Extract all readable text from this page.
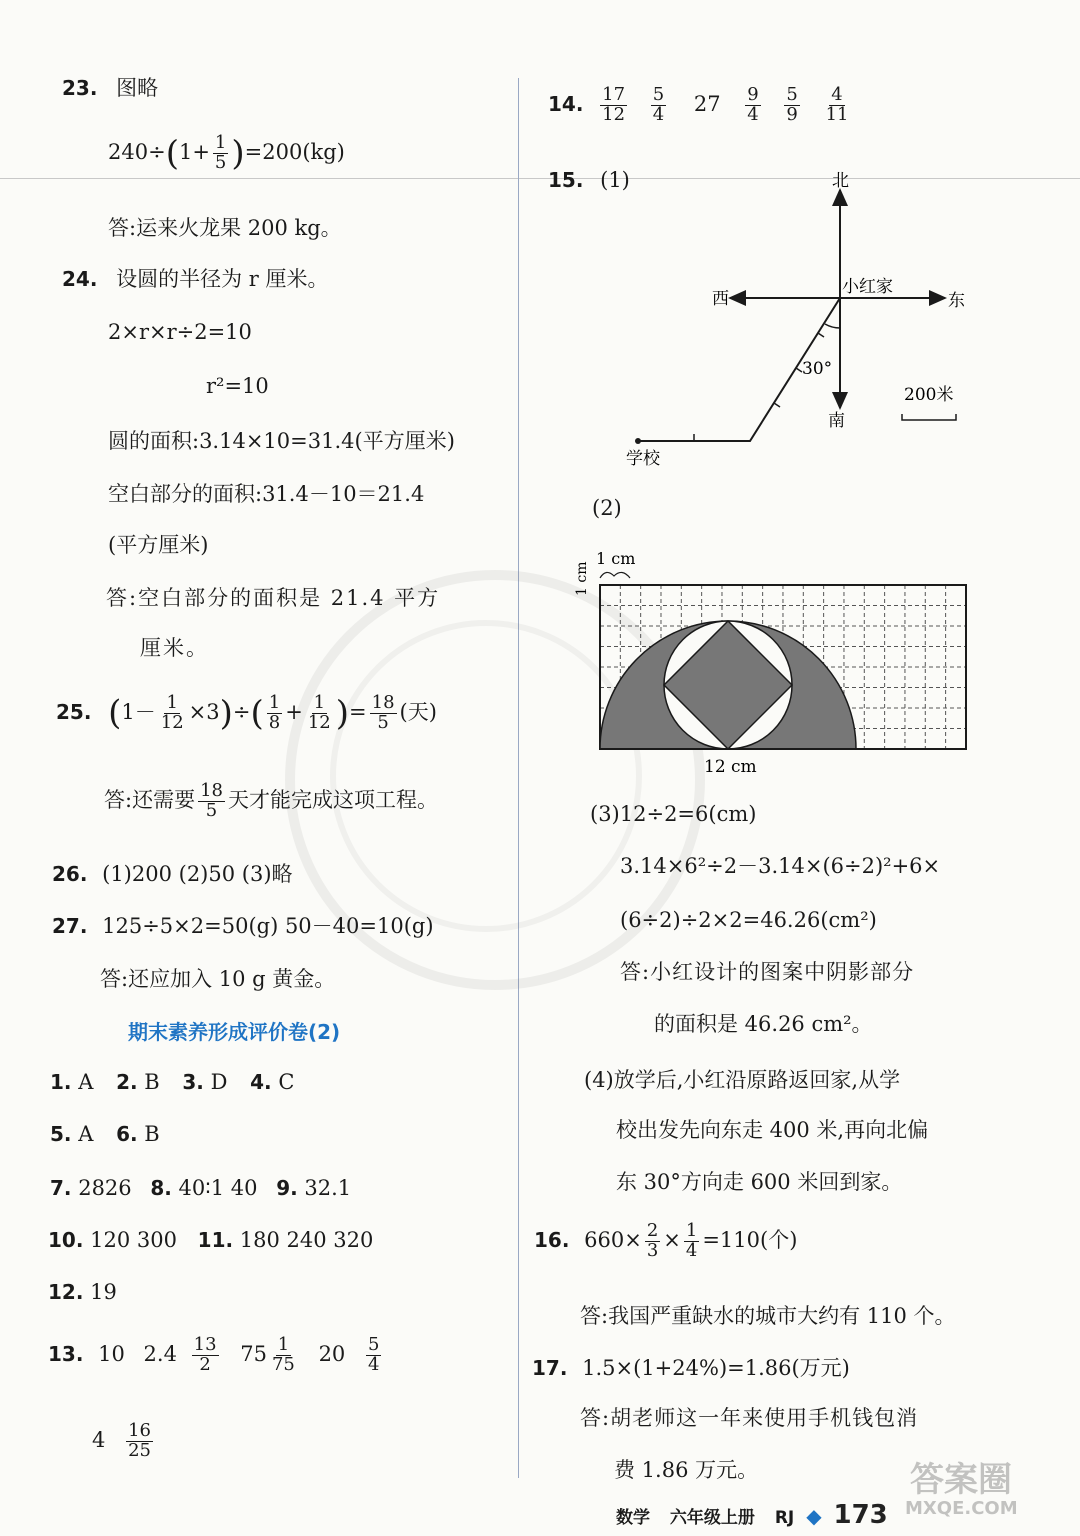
23. 图略
$240\div(1+ \frac{1}{5} )=200(kg)$
答:运来火龙果 200 kg。
24. 设圆的半径为 r 厘米。
2×r×r÷2=10
r²=10
圆的面积:3.14×10=31.4(平方厘米)
空白部分的面积:31.4－10＝21.4
(平方厘米)
答:空白部分的面积是 21.4 平方
厘米。
25. $(1- \frac{1}{12} \times 3)\div( \frac{1}{8} + \frac{1}{12}$ )= $\frac{18}{5}$ (天)
答:还需要 $\frac{18}{5}$ 天才能完成这项工程。
26. (1)200 (2)50 (3)略
27. 125÷5×2=50(g) 50－40=10(g)
答:还应加入 10 g 黄金。
期末素养形成评价卷(2)
1. A 2. B 3. D 4. C
5. A 6. B
7. 2826 8. 40∶1 40 9. 32.1
10. 120 300 11. 180 240 320
12. 19
13. 10 $2.4 \frac{13}{2} 75 \frac{1}{75} 20 \frac{5}{4}$
$4 \frac{16}{25}$
14. $\frac{17}{12}$
$\frac{5}{4} 27 \frac{9}{4}$
$\frac{5}{9}$
$\frac{4}{11}$
15. (1)	北
南
东
西
小红家
学校
30°
200米
(2)
1 cm
1 cm
12 cm
(3)12÷2=6(cm)
3.14×6²÷2－3.14×(6÷2)²+6×
(6÷2)÷2×2=46.26(cm²)
答:小红设计的图案中阴影部分
的面积是 46.26 cm²。
(4)放学后,小红沿原路返回家,从学
校出发先向东走 400 米,再向北偏
东 30°方向走 600 米回到家。
16. $660\times \frac{2}{3} \times \frac{1}{4} =110$(个)
答:我国严重缺水的城市大约有 110 个。
17. 1.5×(1+24%)=1.86(万元)
答:胡老师这一年来使用手机钱包消
费 1.86 万元。
数学 六年级上册 RJ ◆ 173
答案圈
MXQE.COM
